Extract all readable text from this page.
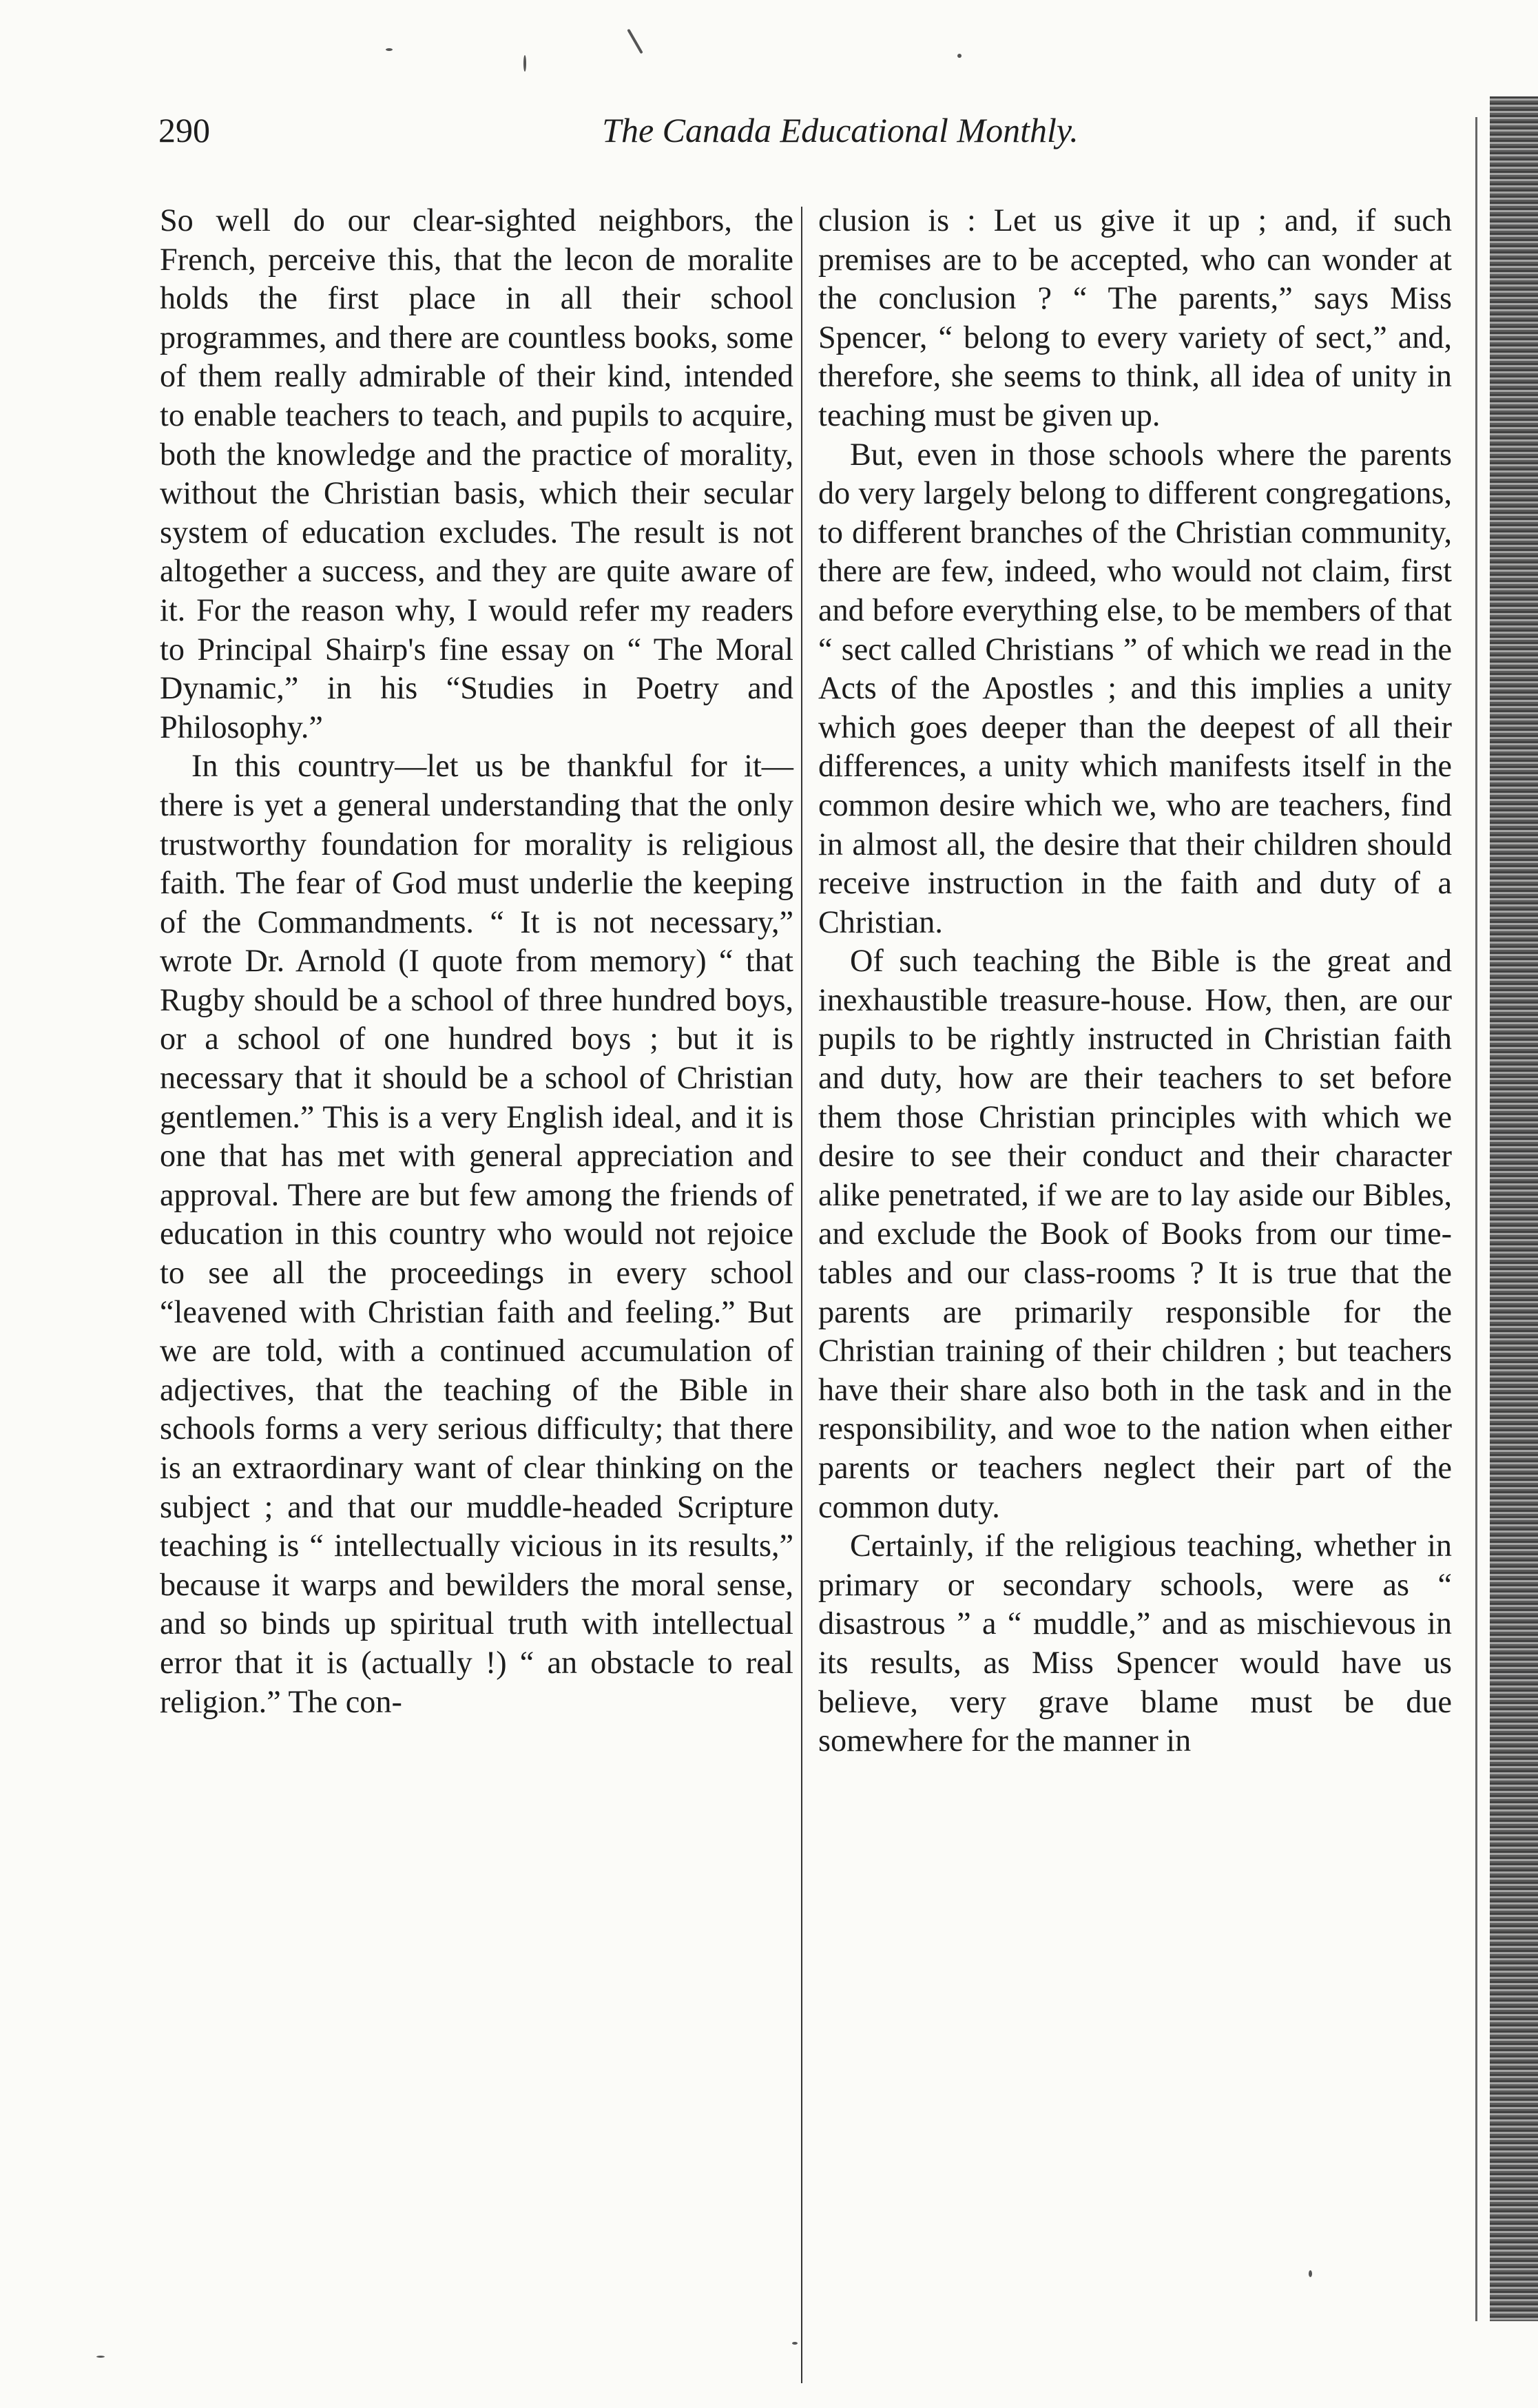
290	The Canada Educational Monthly.

So well do our clear-sighted neighbors, the French, perceive this, that the lecon de moralite holds the first place in all their school programmes, and there are countless books, some of them really admirable of their kind, intended to enable teachers to teach, and pupils to acquire, both the knowledge and the practice of morality, without the Christian basis, which their secular system of education excludes. The result is not altogether a success, and they are quite aware of it. For the reason why, I would refer my readers to Principal Shairp's fine essay on “ The Moral Dynamic,” in his “Studies in Poetry and Philosophy.”

In this country—let us be thankful for it—there is yet a general understanding that the only trustworthy foundation for morality is religious faith. The fear of God must underlie the keeping of the Commandments. “ It is not necessary,” wrote Dr. Arnold (I quote from memory) “ that Rugby should be a school of three hundred boys, or a school of one hundred boys ; but it is necessary that it should be a school of Christian gentlemen.” This is a very English ideal, and it is one that has met with general appreciation and approval. There are but few among the friends of education in this country who would not rejoice to see all the proceedings in every school “leavened with Christian faith and feeling.” But we are told, with a continued accumulation of adjectives, that the teaching of the Bible in schools forms a very serious difficulty; that there is an extraordinary want of clear thinking on the subject ; and that our muddle-headed Scripture teaching is “ intellectually vicious in its results,” because it warps and bewilders the moral sense, and so binds up spiritual truth with intellectual error that it is (actually !) “ an obstacle to real religion.” The con-

clusion is : Let us give it up ; and, if such premises are to be accepted, who can wonder at the conclusion ? “ The parents,” says Miss Spencer, “ belong to every variety of sect,” and, therefore, she seems to think, all idea of unity in teaching must be given up.

But, even in those schools where the parents do very largely belong to different congregations, to different branches of the Christian community, there are few, indeed, who would not claim, first and before everything else, to be members of that “ sect called Christians ” of which we read in the Acts of the Apostles ; and this implies a unity which goes deeper than the deepest of all their differences, a unity which manifests itself in the common desire which we, who are teachers, find in almost all, the desire that their children should receive instruction in the faith and duty of a Christian.

Of such teaching the Bible is the great and inexhaustible treasure-house. How, then, are our pupils to be rightly instructed in Christian faith and duty, how are their teachers to set before them those Christian principles with which we desire to see their conduct and their character alike penetrated, if we are to lay aside our Bibles, and exclude the Book of Books from our time-tables and our class-rooms ? It is true that the parents are primarily responsible for the Christian training of their children ; but teachers have their share also both in the task and in the responsibility, and woe to the nation when either parents or teachers neglect their part of the common duty.

Certainly, if the religious teaching, whether in primary or secondary schools, were as “ disastrous ” a “ muddle,” and as mischievous in its results, as Miss Spencer would have us believe, very grave blame must be due somewhere for the manner in
